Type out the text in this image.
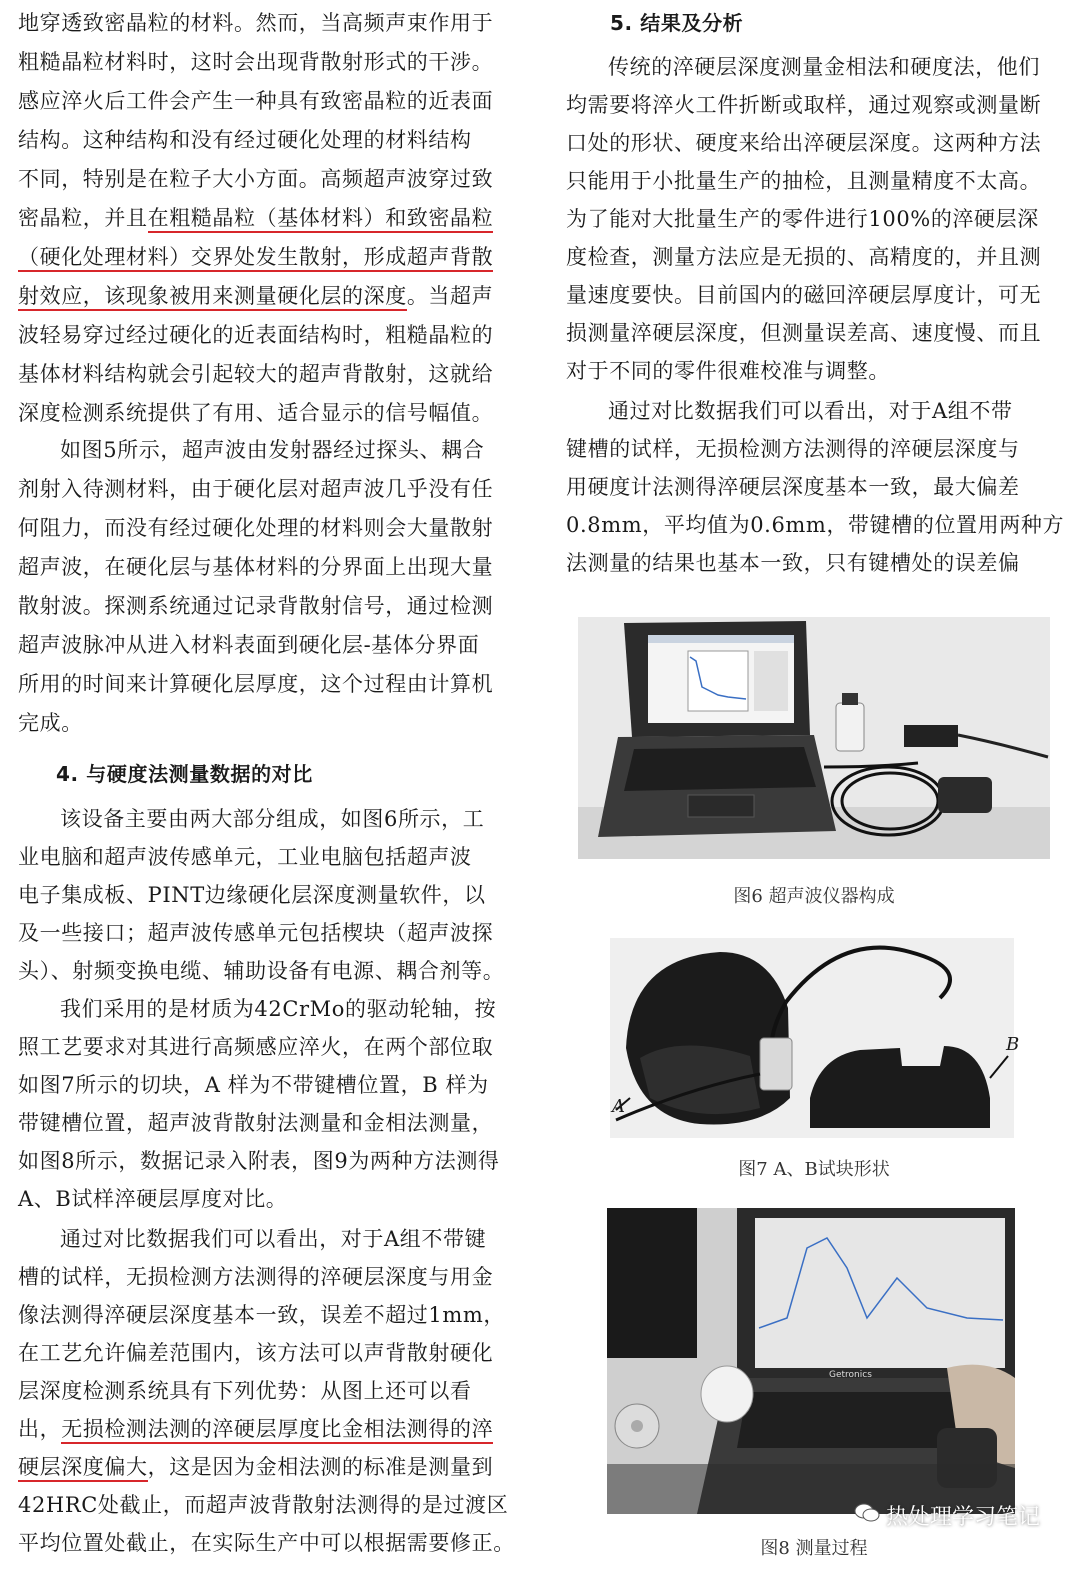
地穿透致密晶粒的材料。然而，当高频声束作用于
粗糙晶粒材料时，这时会出现背散射形式的干涉。
感应淬火后工件会产生一种具有致密晶粒的近表面
结构。这种结构和没有经过硬化处理的材料结构
不同，特别是在粒子大小方面。高频超声波穿过致
密晶粒，并且在粗糙晶粒（基体材料）和致密晶粒
（硬化处理材料）交界处发生散射，形成超声背散
射效应，该现象被用来测量硬化层的深度。当超声
波轻易穿过经过硬化的近表面结构时，粗糙晶粒的
基体材料结构就会引起较大的超声背散射，这就给
深度检测系统提供了有用、适合显示的信号幅值。
如图5所示，超声波由发射器经过探头、耦合
剂射入待测材料，由于硬化层对超声波几乎没有任
何阻力，而没有经过硬化处理的材料则会大量散射
超声波，在硬化层与基体材料的分界面上出现大量
散射波。探测系统通过记录背散射信号，通过检测
超声波脉冲从进入材料表面到硬化层-基体分界面
所用的时间来计算硬化层厚度，这个过程由计算机
完成。
4. 与硬度法测量数据的对比
该设备主要由两大部分组成，如图6所示，工
业电脑和超声波传感单元，工业电脑包括超声波
电子集成板、PINT边缘硬化层深度测量软件，以
及一些接口；超声波传感单元包括楔块（超声波探
头）、射频变换电缆、辅助设备有电源、耦合剂等。
我们采用的是材质为42CrMo的驱动轮轴，按
照工艺要求对其进行高频感应淬火，在两个部位取
如图7所示的切块，A 样为不带键槽位置，B 样为
带键槽位置，超声波背散射法测量和金相法测量，
如图8所示，数据记录入附表，图9为两种方法测得
A、B试样淬硬层厚度对比。
通过对比数据我们可以看出，对于A组不带键
槽的试样，无损检测方法测得的淬硬层深度与用金
像法测得淬硬层深度基本一致，误差不超过1mm，
在工艺允许偏差范围内，该方法可以声背散射硬化
层深度检测系统具有下列优势：从图上还可以看
出，无损检测法测的淬硬层厚度比金相法测得的淬
硬层深度偏大，这是因为金相法测的标准是测量到
42HRC处截止，而超声波背散射法测得的是过渡区
平均位置处截止，在实际生产中可以根据需要修正。
5. 结果及分析
传统的淬硬层深度测量金相法和硬度法，他们
均需要将淬火工件折断或取样，通过观察或测量断
口处的形状、硬度来给出淬硬层深度。这两种方法
只能用于小批量生产的抽检，且测量精度不太高。
为了能对大批量生产的零件进行100%的淬硬层深
度检查，测量方法应是无损的、高精度的，并且测
量速度要快。目前国内的磁回淬硬层厚度计，可无
损测量淬硬层深度，但测量误差高、速度慢、而且
对于不同的零件很难校准与调整。
通过对比数据我们可以看出，对于A组不带
键槽的试样，无损检测方法测得的淬硬层深度与
用硬度计法测得淬硬层深度基本一致，最大偏差
0.8mm，平均值为0.6mm，带键槽的位置用两种方
法测量的结果也基本一致，只有键槽处的误差偏
图6 超声波仪器构成
A
B
图7 A、B试块形状
Getronics
图8 测量过程
热处理学习笔记
